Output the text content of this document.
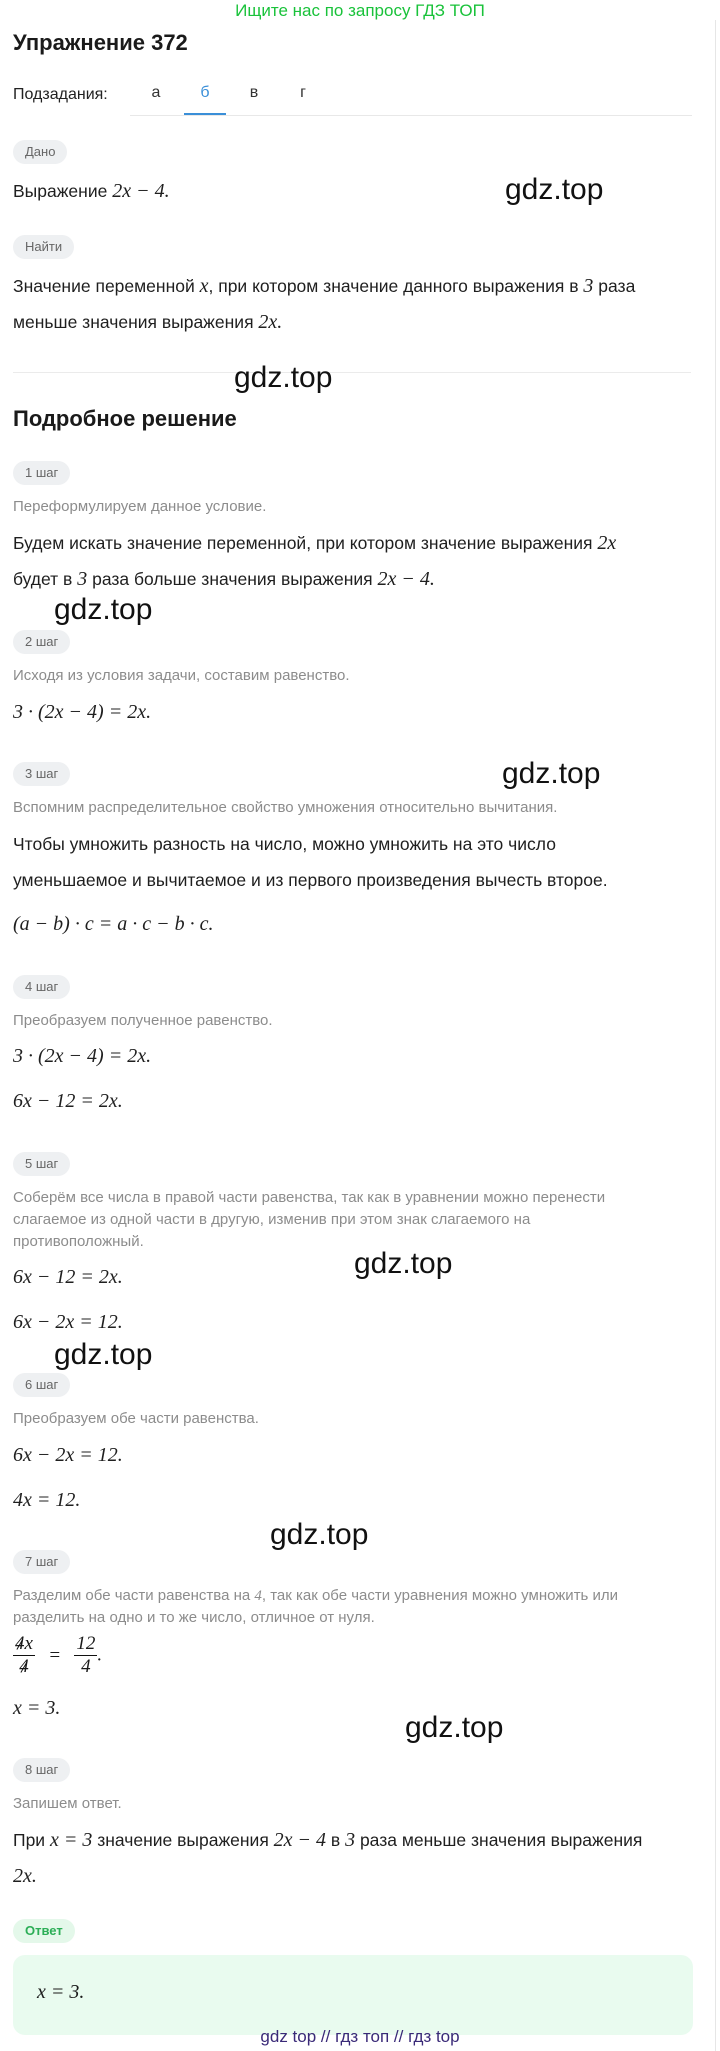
Ищите нас по запросу ГДЗ ТОП
Упражнение 372
Подзадания:	а	б	в	г
Дано
Выражение 2x − 4.	gdz.top
Найти
Значение переменной x, при котором значение данного выражения в 3 раза
меньше значения выражения 2x.
gdz.top
Подробное решение
1 шаг
Переформулируем данное условие.
Будем искать значение переменной, при котором значение выражения 2x
будет в 3 раза больше значения выражения 2x − 4.
gdz.top
2 шаг
Исходя из условия задачи, составим равенство.
3 · (2x − 4) = 2x.
gdz.top
3 шаг
Вспомним распределительное свойство умножения относительно вычитания.
Чтобы умножить разность на число, можно умножить на это число
уменьшаемое и вычитаемое и из первого произведения вычесть второе.
(a − b) · c = a · c − b · c.
4 шаг
Преобразуем полученное равенство.
3 · (2x − 4) = 2x.
6x − 12 = 2x.
5 шаг
Соберём все числа в правой части равенства, так как в уравнении можно перенести
слагаемое из одной части в другую, изменив при этом знак слагаемого на
противоположный.
6x − 12 = 2x.	gdz.top
6x − 2x = 12.
gdz.top
6 шаг
Преобразуем обе части равенства.
6x − 2x = 12.
4x = 12.
gdz.top
7 шаг
Разделим обе части равенства на 4, так как обе части уравнения можно умножить или
разделить на одно и то же число, отличное от нуля.
$\frac{4x}{4} = \frac{12}{4}$ .
x = 3.
gdz.top
8 шаг
Запишем ответ.
При x = 3 значение выражения 2x − 4 в 3 раза меньше значения выражения
2x.
Ответ
x = 3.
gdz top // гдз топ // гдз top
